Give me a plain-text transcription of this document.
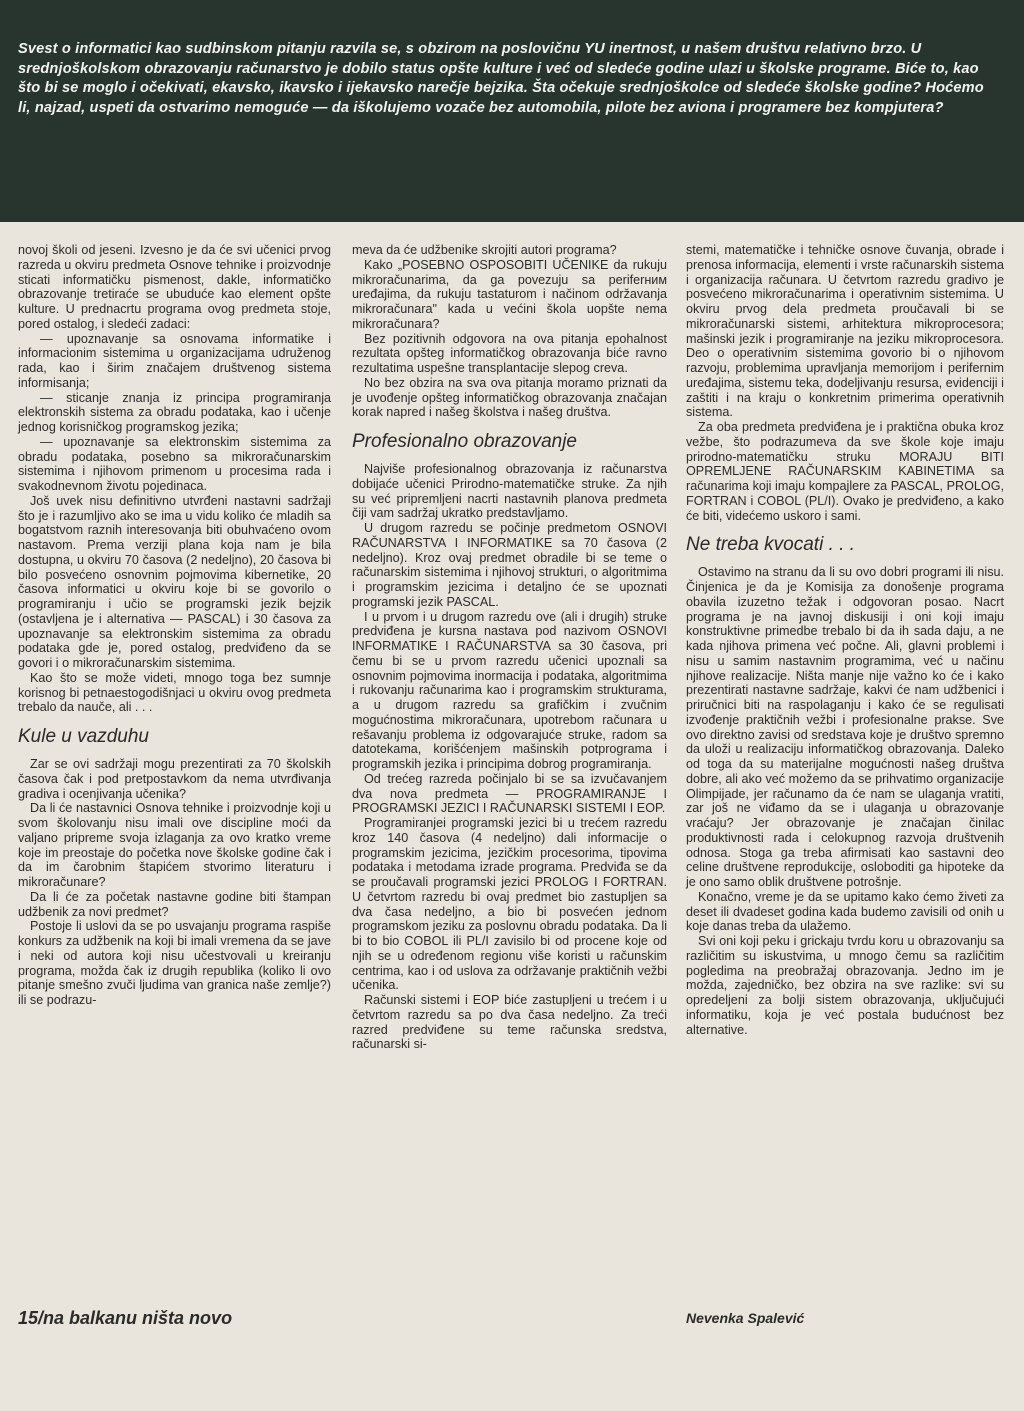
Svest o informatici kao sudbinskom pitanju razvila se, s obzirom na poslovičnu YU inertnost, u našem društvu relativno brzo. U srednjoškolskom obrazovanju računarstvo je dobilo status opšte kulture i već od sledeće godine ulazi u školske programe. Biće to, kao što bi se moglo i očekivati, ekavsko, ikavsko i ijekavsko narečje bejzika. Šta očekuje srednjoškolce od sledeće školske godine? Hoćemo li, najzad, uspeti da ostvarimo nemoguće — da iškolujemo vozače bez automobila, pilote bez aviona i programere bez kompjutera?

novoj školi od jeseni. Izvesno je da će svi učenici prvog razreda u okviru predmeta Osnove tehnike i proizvodnje sticati informatičku pismenost, dakle, informatičko obrazovanje tretiraće se ubuduće kao element opšte kulture. U prednacrtu programa ovog predmeta stoje, pored ostalog, i sledeći zadaci:

— upoznavanje sa osnovama informatike i informacionim sistemima u organizacijama udruženog rada, kao i širim značajem društvenog sistema informisanja;

— sticanje znanja iz principa programiranja elektronskih sistema za obradu podataka, kao i učenje jednog korisničkog programskog jezika;

— upoznavanje sa elektronskim sistemima za obradu podataka, posebno sa mikroračunarskim sistemima i njihovom primenom u procesima rada i svakodnevnom životu pojedinaca.

Još uvek nisu definitivno utvrđeni nastavni sadržaji što je i razumljivo ako se ima u vidu koliko će mladih sa bogatstvom raznih interesovanja biti obuhvaćeno ovom nastavom. Prema verziji plana koja nam je bila dostupna, u okviru 70 časova (2 nedeljno), 20 časova bi bilo posvećeno osnovnim pojmovima kibernetike, 20 časova informatici u okviru koje bi se govorilo o programiranju i učio se programski jezik bejzik (ostavljena je i alternativa — PASCAL) i 30 časova za upoznavanje sa elektronskim sistemima za obradu podataka gde je, pored ostalog, predviđeno da se govori i o mikroračunarskim sistemima.

Kao što se može videti, mnogo toga bez sumnje korisnog bi petnaestogodišnjaci u okviru ovog predmeta trebalo da nauče, ali . . .

Kule u vazduhu

Zar se ovi sadržaji mogu prezentirati za 70 školskih časova čak i pod pretpostavkom da nema utvrđivanja gradiva i ocenjivanja učenika?

Da li će nastavnici Osnova tehnike i proizvodnje koji u svom školovanju nisu imali ove discipline moći da valjano pripreme svoja izlaganja za ovo kratko vreme koje im preostaje do početka nove školske godine čak i da im čarobnim štapićem stvorimo literaturu i mikroračunare?

Da li će za početak nastavne godine biti štampan udžbenik za novi predmet?

Postoje li uslovi da se po usvajanju programa raspiše konkurs za udžbenik na koji bi imali vremena da se jave i neki od autora koji nisu učestvovali u kreiranju programa, možda čak iz drugih republika (koliko li ovo pitanje smešno zvuči ljudima van granica naše zemlje?) ili se podrazu-

meva da će udžbenike skrojiti autori programa?

Kako „POSEBNO OSPOSOBITI UČENIKE da rukuju mikroračunarima, da ga povezuju sa periferним uređajima, da rukuju tastaturom i načinom održavanja mikroračunara" kada u većini škola uopšte nema mikroračunara?

Bez pozitivnih odgovora na ova pitanja epohalnost rezultata opšteg informatičkog obrazovanja biće ravno rezultatima uspešne transplantacije slepog creva.

No bez obzira na sva ova pitanja moramo priznati da je uvođenje opšteg informatičkog obrazovanja značajan korak napred i našeg školstva i našeg društva.

Profesionalno obrazovanje

Najviše profesionalnog obrazovanja iz računarstva dobijaće učenici Prirodno-matematičke struke. Za njih su već pripremljeni nacrti nastavnih planova predmeta čiji vam sadržaj ukratko predstavljamo.

U drugom razredu se počinje predmetom OSNOVI RAČUNARSTVA I INFORMATIKE sa 70 časova (2 nedeljno). Kroz ovaj predmet obradile bi se teme o računarskim sistemima i njihovoj strukturi, o algoritmima i programskim jezicima i detaljno će se upoznati programski jezik PASCAL.

I u prvom i u drugom razredu ove (ali i drugih) struke predviđena je kursna nastava pod nazivom OSNOVI INFORMATIKE I RAČUNARSTVA sa 30 časova, pri čemu bi se u prvom razredu učenici upoznali sa osnovnim pojmovima inormacija i podataka, algoritmima i rukovanju računarima kao i programskim strukturama, a u drugom razredu sa grafičkim i zvučnim mogućnostima mikroračunara, upotrebom računara u rešavanju problema iz odgovarajuće struke, radom sa datotekama, korišćenjem mašinskih potprograma i programskih jezika i principima dobrog programiranja.

Od trećeg razreda počinjalo bi se sa izvučavanjem dva nova predmeta — PROGRAMIRANJE I PROGRAMSKI JEZICI I RAČUNARSKI SISTEMI I EOP.

Programiranjei programski jezici bi u trećem razredu kroz 140 časova (4 nedeljno) dali informacije o programskim jezicima, jezičkim procesorima, tipovima podataka i metodama izrade programa. Predviđa se da se proučavali programski jezici PROLOG I FORTRAN. U četvrtom razredu bi ovaj predmet bio zastupljen sa dva časa nedeljno, a bio bi posvećen jednom programskom jeziku za poslovnu obradu podataka. Da li bi to bio COBOL ili PL/I zavisilo bi od procene koje od njih se u određenom regionu više koristi u računskim centrima, kao i od uslova za održavanje praktičnih vežbi učenika.

Računski sistemi i EOP biće zastupljeni u trećem i u četvrtom razredu sa po dva časa nedeljno. Za treći razred predviđene su teme računska sredstva, računarski si-

stemi, matematičke i tehničke osnove čuvanja, obrade i prenosa informacija, elementi i vrste računarskih sistema i organizacija računara. U četvrtom razredu gradivo je posvećeno mikroračunarima i operativnim sistemima. U okviru prvog dela predmeta proučavali bi se mikroračunarski sistemi, arhitektura mikroprocesora; mašinski jezik i programiranje na jeziku mikroprocesora. Deo o operativnim sistemima govorio bi o njihovom razvoju, problemima upravljanja memorijom i perifernim uređajima, sistemu teka, dodeljivanju resursa, evidenciji i zaštiti i na kraju o konkretnim primerima operativnih sistema.

Za oba predmeta predviđena je i praktična obuka kroz vežbe, što podrazumeva da sve škole koje imaju prirodno-matematičku struku MORAJU BITI OPREMLJENE RAČUNARSKIM KABINETIMA sa računarima koji imaju kompajlere za PASCAL, PROLOG, FORTRAN i COBOL (PL/I). Ovako je predviđeno, a kako će biti, videćemo uskoro i sami.

Ne treba kvocati . . .

Ostavimo na stranu da li su ovo dobri programi ili nisu. Činjenica je da je Komisija za donošenje programa obavila izuzetno težak i odgovoran posao. Nacrt programa je na javnoj diskusiji i oni koji imaju konstruktivne primedbe trebalo bi da ih sada daju, a ne kada njihova primena već počne. Ali, glavni problemi i nisu u samim nastavnim programima, već u načinu njihove realizacije. Ništa manje nije važno ko će i kako prezentirati nastavne sadržaje, kakvi će nam udžbenici i priručnici biti na raspolaganju i kako će se regulisati izvođenje praktičnih vežbi i profesionalne prakse. Sve ovo direktno zavisi od sredstava koje je društvo spremno da uloži u realizaciju informatičkog obrazovanja. Daleko od toga da su materijalne mogućnosti našeg društva dobre, ali ako već možemo da se prihvatimo organizacije Olimpijade, jer računamo da će nam se ulaganja vratiti, zar još ne viđamo da se i ulaganja u obrazovanje vraćaju? Jer obrazovanje je značajan činilac produktivnosti rada i celokupnog razvoja društvenih odnosa. Stoga ga treba afirmisati kao sastavni deo celine društvene reprodukcije, osloboditi ga hipoteke da je ono samo oblik društvene potrošnje.

Konačno, vreme je da se upitamo kako ćemo živeti za deset ili dvadeset godina kada budemo zavisili od onih u koje danas treba da ulažemo.

Svi oni koji peku i grickaju tvrdu koru u obrazovanju sa različitim su iskustvima, u mnogo čemu sa različitim pogledima na preobražaj obrazovanja. Jedno im je možda, zajedničko, bez obzira na sve razlike: svi su opredeljeni za bolji sistem obrazovanja, uključujući informatiku, koja je već postala budućnost bez alternative.

15/na balkanu ništa novo	Nevenka Spalević
